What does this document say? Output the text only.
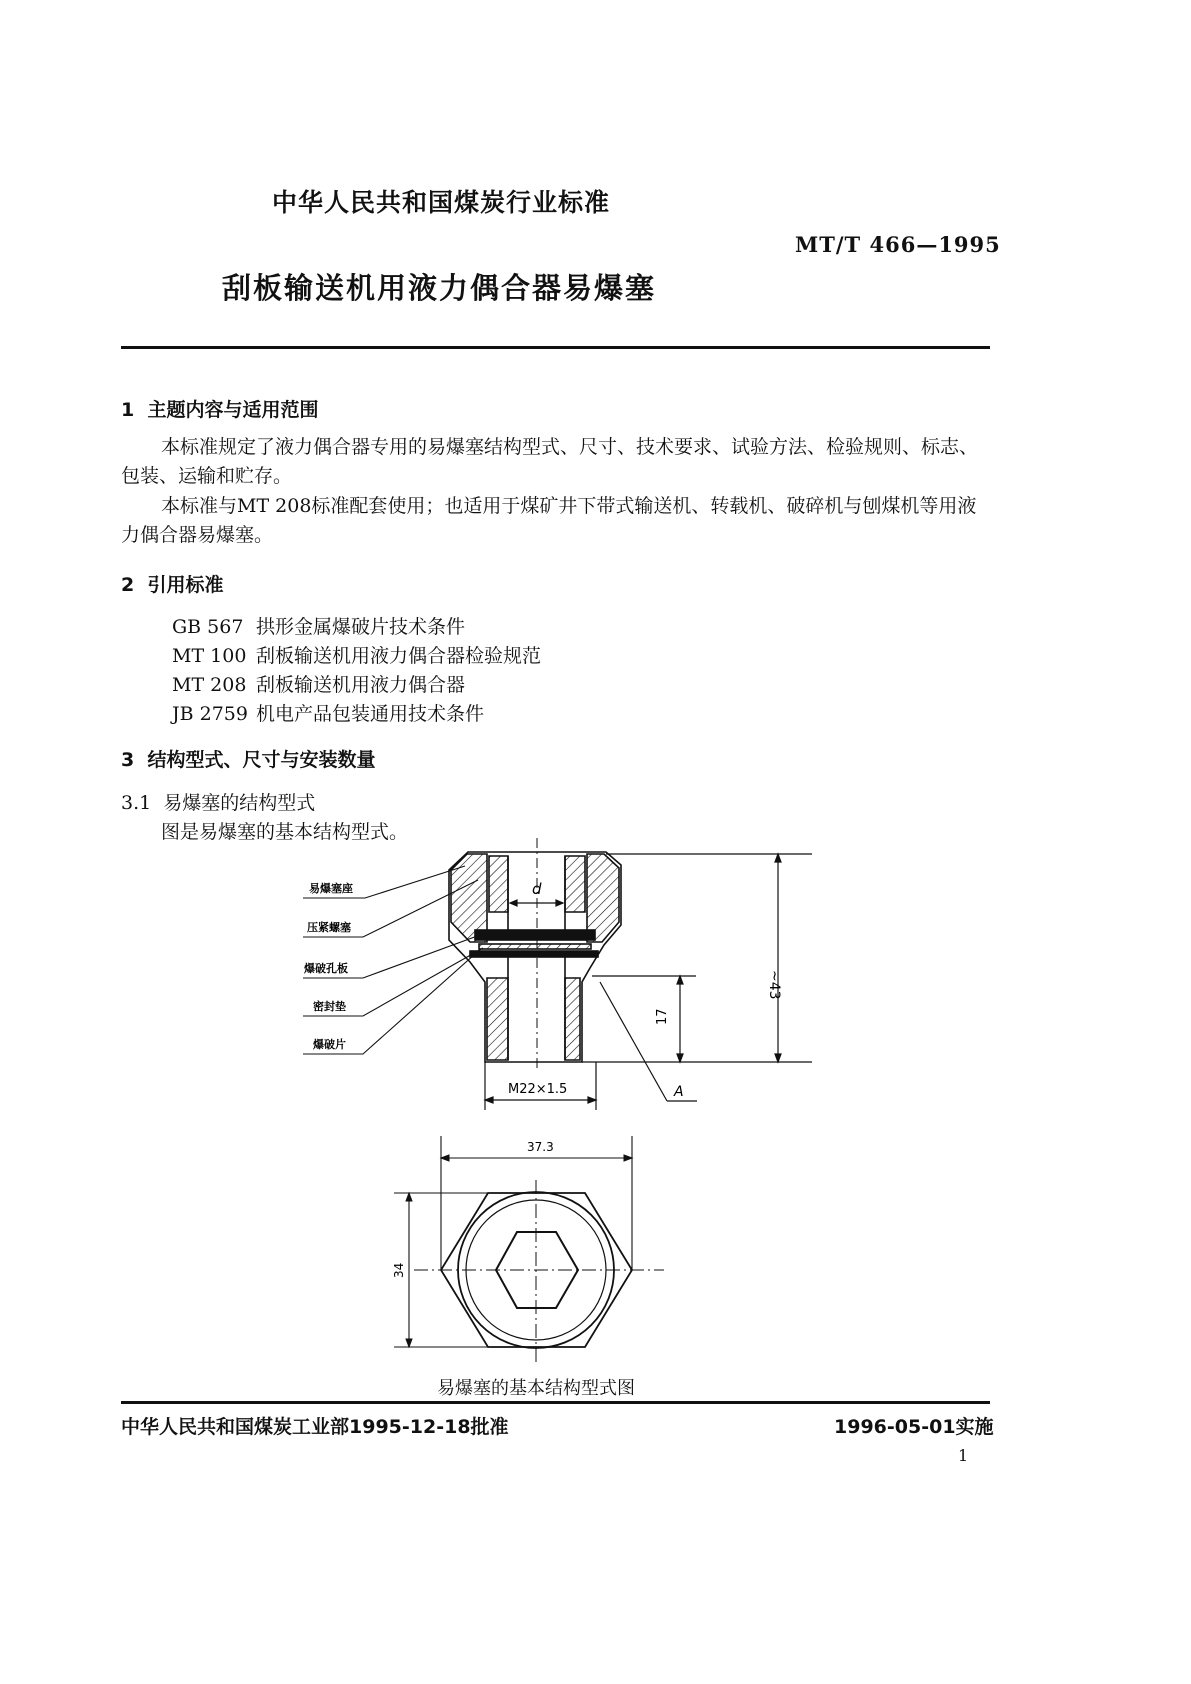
中华人民共和国煤炭行业标准
MT/T 466—1995
刮板输送机用液力偶合器易爆塞
1  主题内容与适用范围

本标准规定了液力偶合器专用的易爆塞结构型式、尺寸、技术要求、试验方法、检验规则、标志、包装、运输和贮存。

本标准与MT 208标准配套使用；也适用于煤矿井下带式输送机、转载机、破碎机与刨煤机等用液力偶合器易爆塞。

2  引用标准
GB 567 拱形金属爆破片技术条件
MT 100 刮板输送机用液力偶合器检验规范
MT 208 刮板输送机用液力偶合器
JB 2759 机电产品包装通用技术条件
3  结构型式、尺寸与安装数量
3.1  易爆塞的结构型式
图是易爆塞的基本结构型式。
d
~43
17
M22×1.5	A
易爆塞座
压紧螺塞
爆破孔板
密封垫
爆破片
37.3
34
易爆塞的基本结构型式图
中华人民共和国煤炭工业部1995-12-18批准	1996-05-01实施
1
